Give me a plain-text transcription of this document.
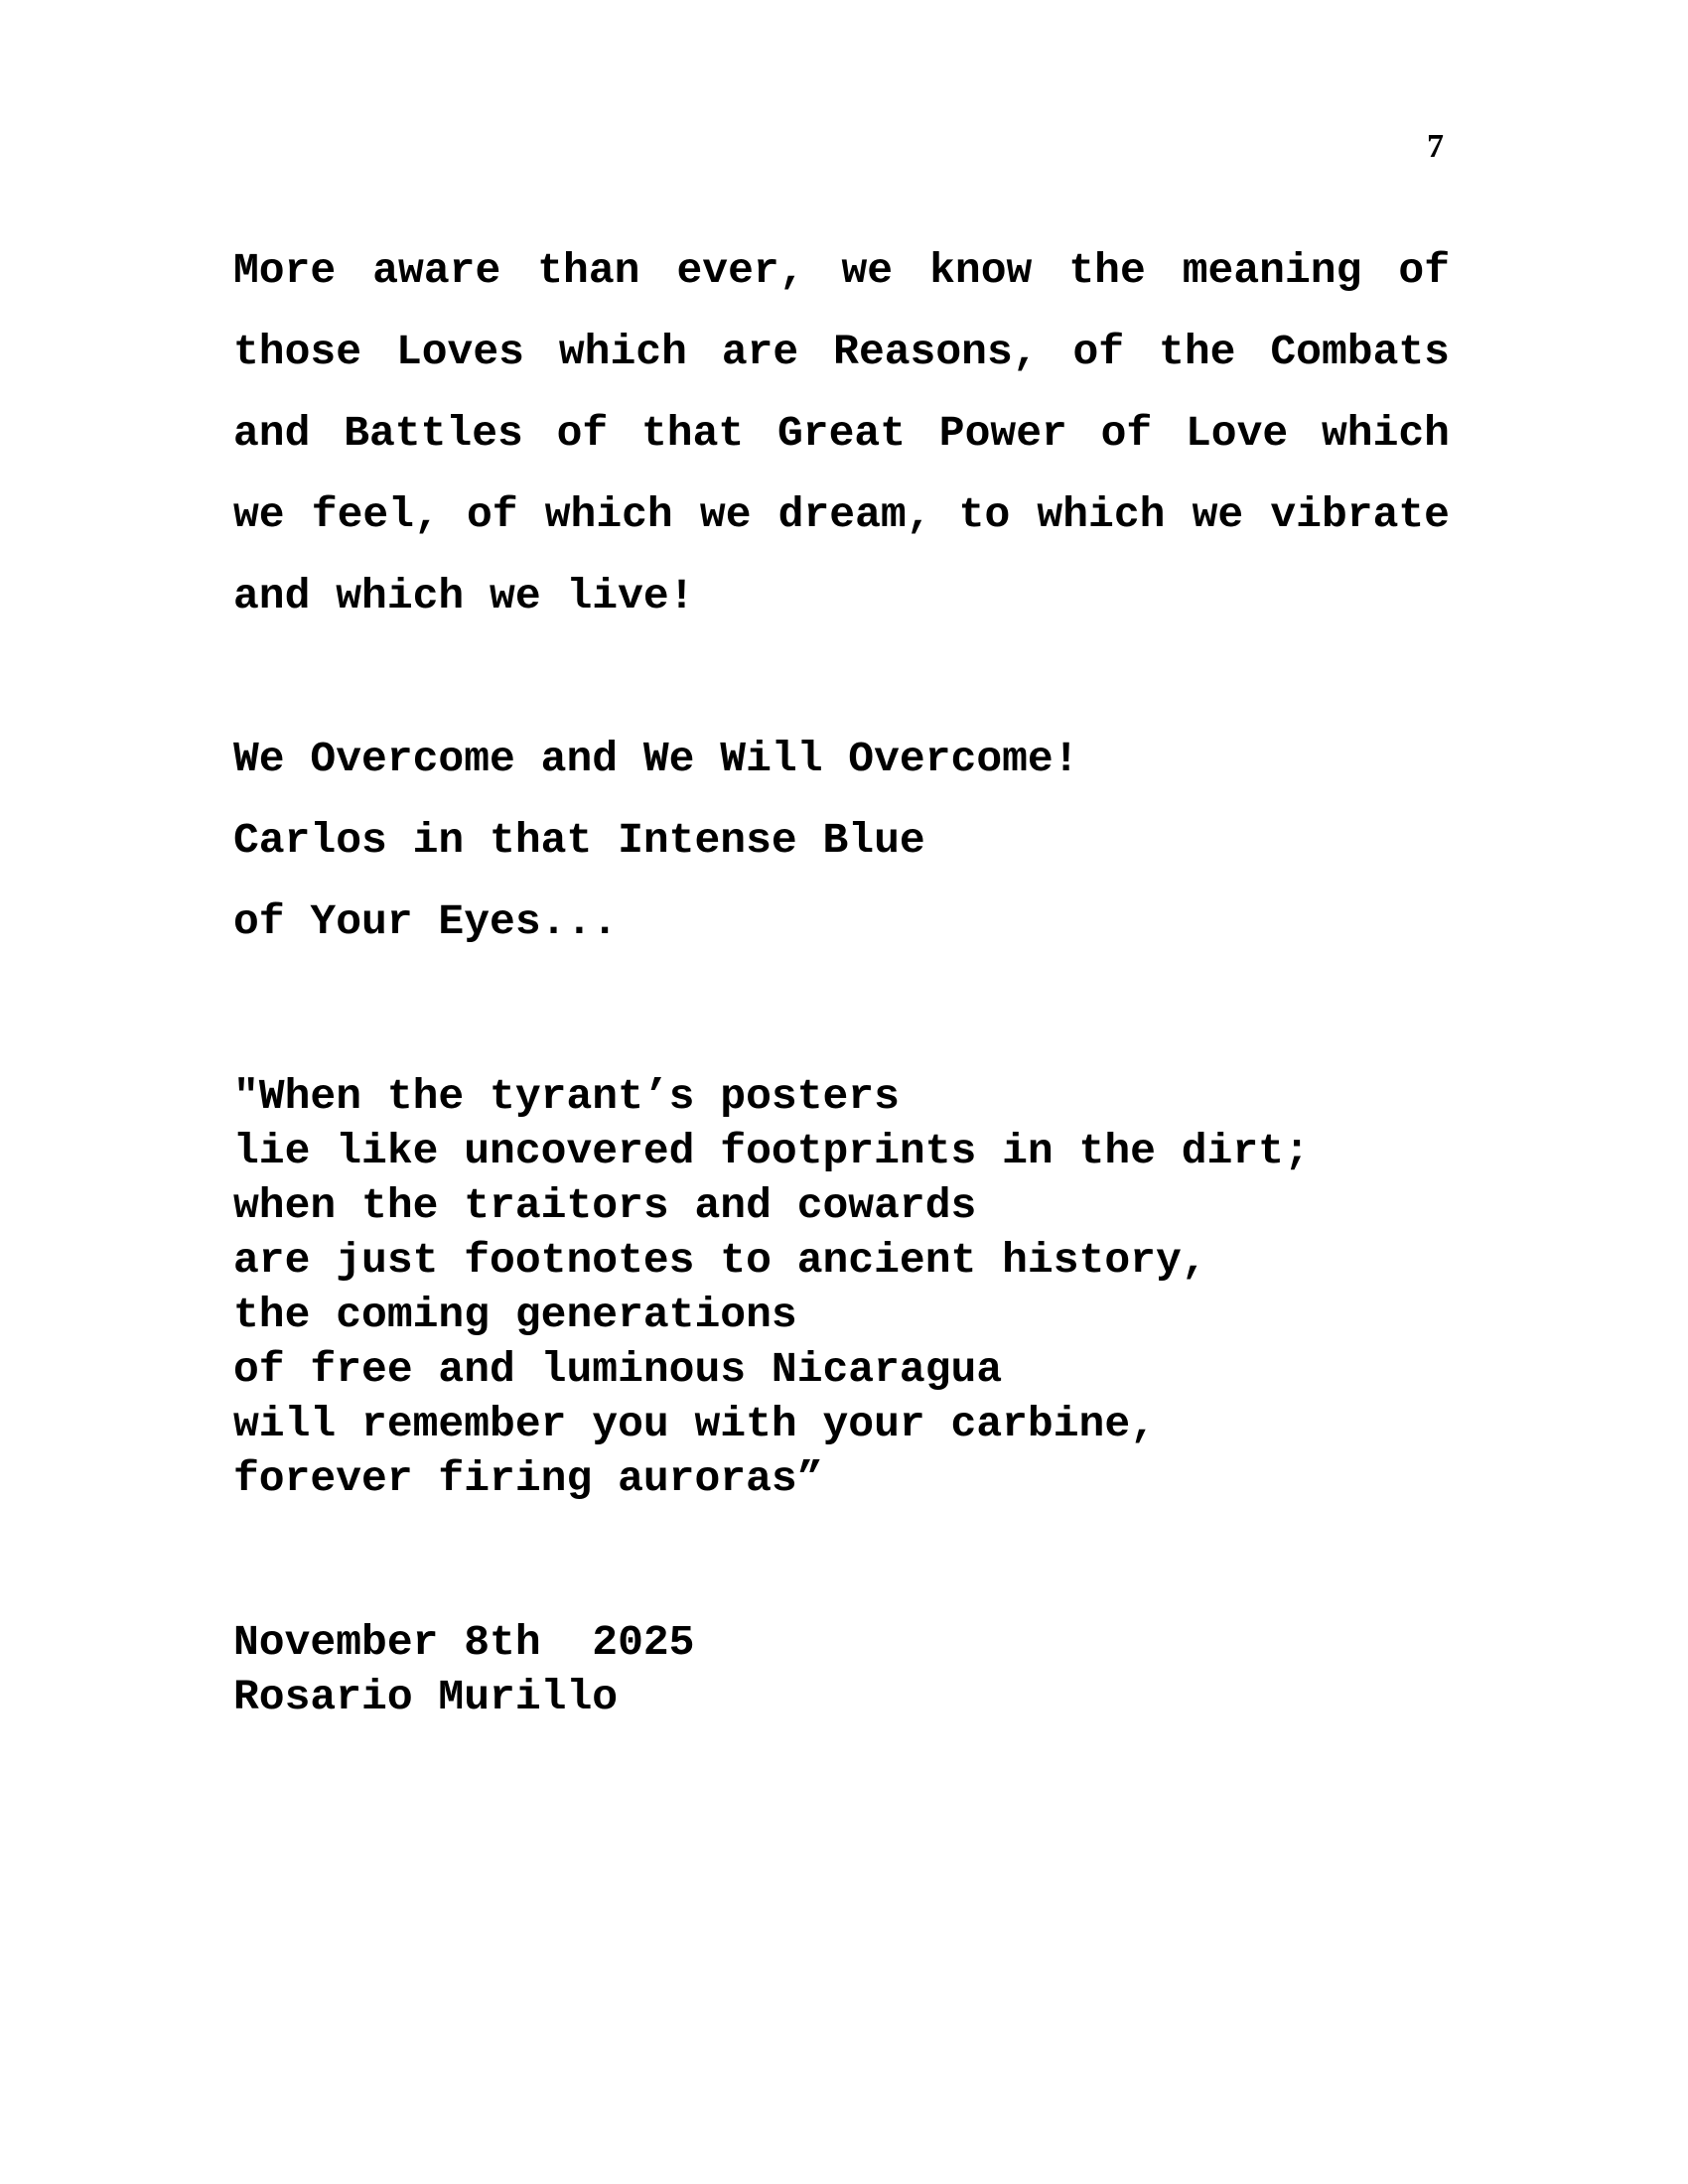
7

More aware than ever, we know the meaning of those Loves which are Reasons, of the Combats and Battles of that Great Power of Love which we feel, of which we dream, to which we vibrate and which we live!

We Overcome and We Will Overcome!
Carlos in that Intense Blue
of Your Eyes...
"When the tyrant’s posters
lie like uncovered footprints in the dirt;
when the traitors and cowards
are just footnotes to ancient history,
the coming generations
of free and luminous Nicaragua
will remember you with your carbine,
forever firing auroras”
November 8th  2025
Rosario Murillo
